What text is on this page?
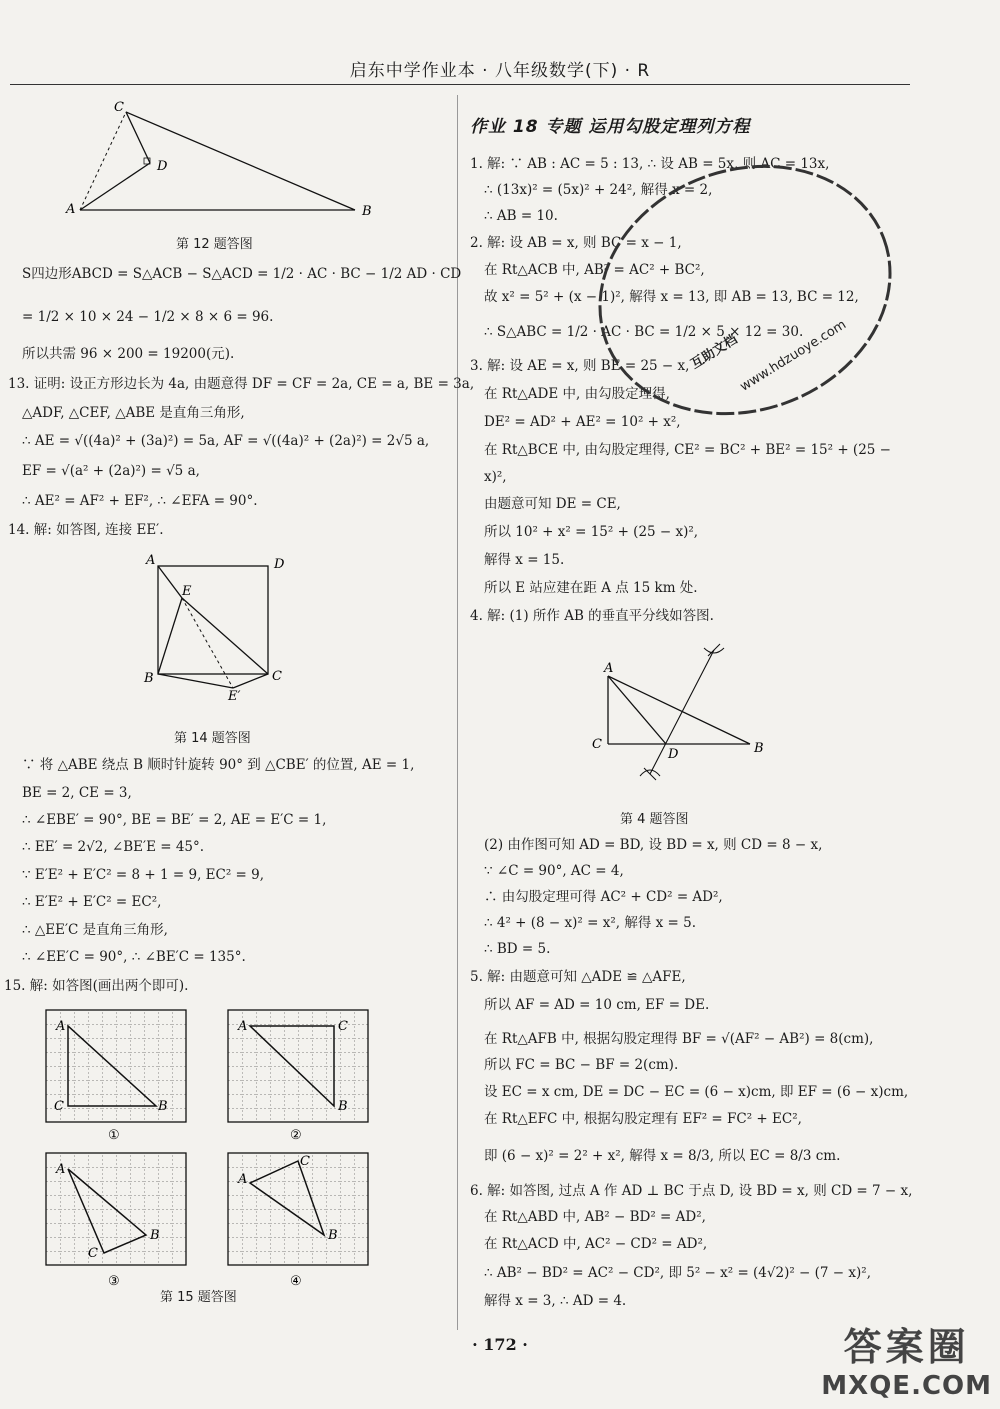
启东中学作业本 · 八年级数学(下) · R
C
D
A	B
第 12 题答图
S四边形ABCD = S△ACB − S△ACD = 1/2 · AC · BC − 1/2 AD · CD
= 1/2 × 10 × 24 − 1/2 × 8 × 6 = 96.
所以共需 96 × 200 = 19200(元).
13. 证明: 设正方形边长为 4a, 由题意得 DF = CF = 2a, CE = a, BE = 3a,
△ADF, △CEF, △ABE 是直角三角形,
∴ AE = √((4a)² + (3a)²) = 5a, AF = √((4a)² + (2a)²) = 2√5 a,
EF = √(a² + (2a)²) = √5 a,
∴ AE² = AF² + EF², ∴ ∠EFA = 90°.
14. 解: 如答图, 连接 EE′.
A	D
E
B	C
E′
第 14 题答图
∵ 将 △ABE 绕点 B 顺时针旋转 90° 到 △CBE′ 的位置, AE = 1,
BE = 2, CE = 3,
∴ ∠EBE′ = 90°, BE = BE′ = 2, AE = E′C = 1,
∴ EE′ = 2√2, ∠BE′E = 45°.
∵ E′E² + E′C² = 8 + 1 = 9, EC² = 9,
∴ E′E² + E′C² = EC²,
∴ △EE′C 是直角三角形,
∴ ∠EE′C = 90°, ∴ ∠BE′C = 135°.
15. 解: 如答图(画出两个即可).
A
C	B
①
A	C
B
②
A
C
B
③
A
C
B
④
第 15 题答图
作业 18 专题 运用勾股定理列方程
1. 解: ∵ AB : AC = 5 : 13, ∴ 设 AB = 5x, 则 AC = 13x,
∴ (13x)² = (5x)² + 24², 解得 x = 2,
∴ AB = 10.
2. 解: 设 AB = x, 则 BC = x − 1,
在 Rt△ACB 中, AB² = AC² + BC²,
故 x² = 5² + (x − 1)², 解得 x = 13, 即 AB = 13, BC = 12,
∴ S△ABC = 1/2 · AC · BC = 1/2 × 5 × 12 = 30.
3. 解: 设 AE = x, 则 BE = 25 − x,
在 Rt△ADE 中, 由勾股定理得,
DE² = AD² + AE² = 10² + x²,
在 Rt△BCE 中, 由勾股定理得, CE² = BC² + BE² = 15² + (25 −
x)²,
由题意可知 DE = CE,
所以 10² + x² = 15² + (25 − x)²,
解得 x = 15.
所以 E 站应建在距 A 点 15 km 处.
4. 解: (1) 所作 AB 的垂直平分线如答图.
A
C
D	B
第 4 题答图
(2) 由作图可知 AD = BD, 设 BD = x, 则 CD = 8 − x,
∵ ∠C = 90°, AC = 4,
∴ 由勾股定理可得 AC² + CD² = AD²,
∴ 4² + (8 − x)² = x², 解得 x = 5.
∴ BD = 5.
5. 解: 由题意可知 △ADE ≌ △AFE,
所以 AF = AD = 10 cm, EF = DE.
在 Rt△AFB 中, 根据勾股定理得 BF = √(AF² − AB²) = 8(cm),
所以 FC = BC − BF = 2(cm).
设 EC = x cm, DE = DC − EC = (6 − x)cm, 即 EF = (6 − x)cm,
在 Rt△EFC 中, 根据勾股定理有 EF² = FC² + EC²,
即 (6 − x)² = 2² + x², 解得 x = 8/3, 所以 EC = 8/3 cm.
6. 解: 如答图, 过点 A 作 AD ⊥ BC 于点 D, 设 BD = x, 则 CD = 7 − x,
在 Rt△ABD 中, AB² − BD² = AD²,
在 Rt△ACD 中, AC² − CD² = AD²,
∴ AB² − BD² = AC² − CD², 即 5² − x² = (4√2)² − (7 − x)²,
解得 x = 3, ∴ AD = 4.
互助文档
www.hdzuoye.com
· 172 ·	答案圈
MXQE.COM
